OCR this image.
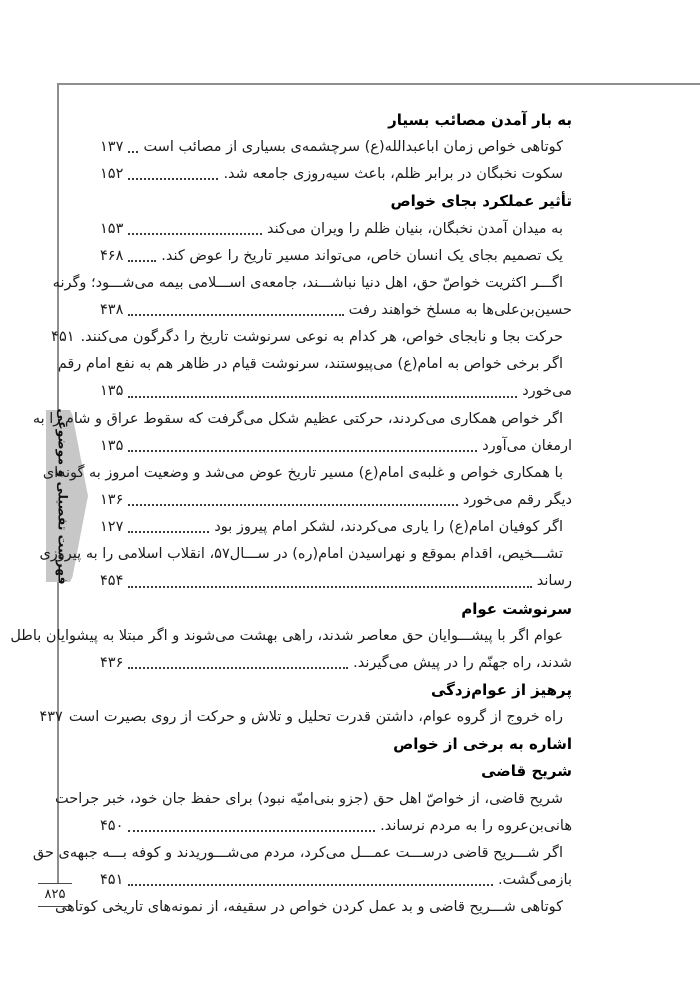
فهرست تفصیلی و موضوعی
۸۲۵
به بار آمدن مصائب بسیار
کوتاهی خواص زمان اباعبدالله(ع) سرچشمه‌ی بسیاری از مصائب است
۱۳۷
سکوت نخبگان در برابر ظلم، باعث سیه‌روزی جامعه شد.
۱۵۲
تأثیر عملکرد بجای خواص
به میدان آمدن نخبگان، بنیان ظلم را ویران می‌کند
۱۵۳
یک تصمیم بجای یک انسان خاص، می‌تواند مسیر تاریخ را عوض کند.
۴۶۸
اگـــر اکثریت خواصّ حق، اهل دنیا نباشـــند، جامعه‌ی اســـلامی بیمه می‌شـــود؛ وگرنه
حسین‌بن‌علی‌ها به مسلخ خواهند رفت
۴۳۸
حرکت بجا و نابجای خواص، هر کدام به نوعی سرنوشت تاریخ را دگرگون می‌کنند.
۴۵۱
اگر برخی خواص به امام(ع) می‌پیوستند، سرنوشت قیام در ظاهر هم به نفع امام رقم
می‌خورد
۱۳۵
اگر خواص همکاری می‌کردند، حرکتی عظیم شکل می‌گرفت که سقوط عراق و شام را به
ارمغان می‌آورد
۱۳۵
با همکاری خواص و غلبه‌ی امام(ع) مسیر تاریخ عوض می‌شد و وضعیت امروز به گونه‌ای
دیگر رقم می‌خورد
۱۳۶
اگر کوفیان امام(ع) را یاری می‌کردند، لشکر امام پیروز بود
۱۲۷
تشـــخیص، اقدام بموقع و نهراسیدن امام(ره) در ســـال۵۷، انقلاب اسلامی را به پیروزی
رساند
۴۵۴
سرنوشت عوام
عوام اگر با پیشـــوایان حق معاصر شدند، راهی بهشت می‌شوند و اگر مبتلا به پیشوایان باطل
شدند، راه جهنّم را در پیش می‌گیرند.
۴۳۶
پرهیز از عوام‌زدگی
راه خروج از گروه عوام، داشتن قدرت تحلیل و تلاش و حرکت از روی بصیرت است
۴۳۷
اشاره به برخی از خواص
شریح قاضی
شریح قاضی، از خواصّ اهل حق (جزو بنی‌امیّه نبود) برای حفظ جان خود، خبر جراحت
هانی‌بن‌عروه را به مردم نرساند.
۴۵۰
اگر شـــریح قاضی درســـت عمـــل می‌کرد، مردم می‌شـــوریدند و کوفه بـــه جبهه‌ی حق
بازمی‌گشت.
۴۵۱
کوتاهی شـــریح قاضی و بد عمل کردن خواص در سقیفه، از نمونه‌های تاریخی کوتاهی
